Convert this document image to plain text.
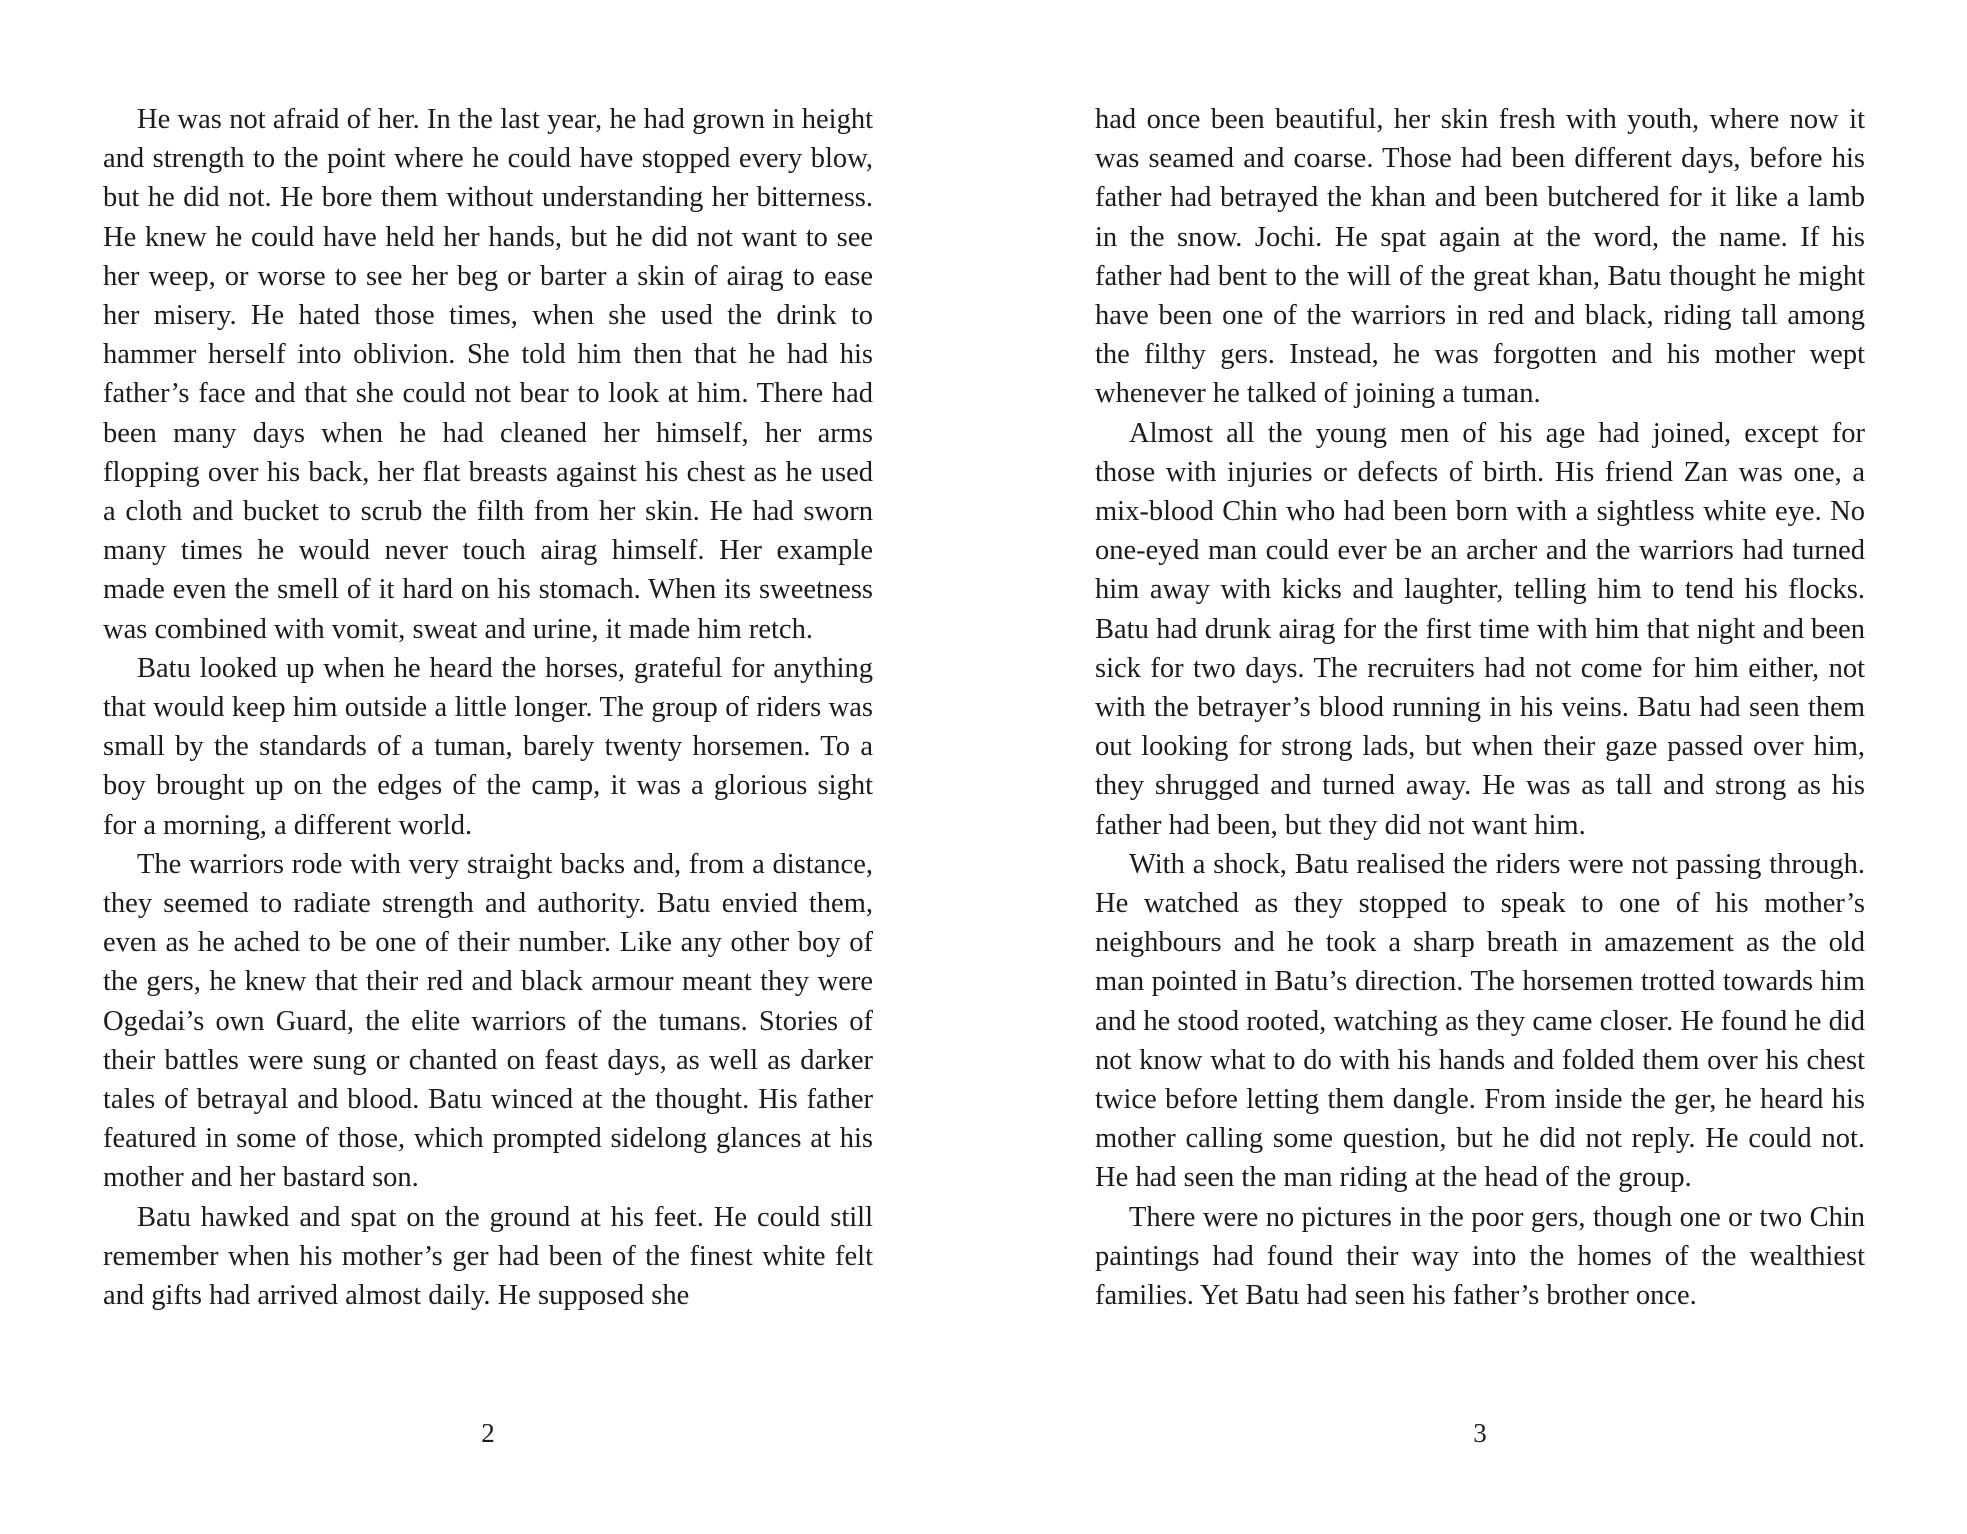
He was not afraid of her. In the last year, he had grown in height and strength to the point where he could have stopped every blow, but he did not. He bore them without understanding her bitterness. He knew he could have held her hands, but he did not want to see her weep, or worse to see her beg or barter a skin of airag to ease her misery. He hated those times, when she used the drink to hammer herself into oblivion. She told him then that he had his father’s face and that she could not bear to look at him. There had been many days when he had cleaned her himself, her arms flopping over his back, her flat breasts against his chest as he used a cloth and bucket to scrub the filth from her skin. He had sworn many times he would never touch airag himself. Her example made even the smell of it hard on his stomach. When its sweetness was combined with vomit, sweat and urine, it made him retch.

Batu looked up when he heard the horses, grateful for anything that would keep him outside a little longer. The group of riders was small by the standards of a tuman, barely twenty horsemen. To a boy brought up on the edges of the camp, it was a glorious sight for a morning, a different world.

The warriors rode with very straight backs and, from a distance, they seemed to radiate strength and authority. Batu envied them, even as he ached to be one of their number. Like any other boy of the gers, he knew that their red and black armour meant they were Ogedai’s own Guard, the elite warriors of the tumans. Stories of their battles were sung or chanted on feast days, as well as darker tales of betrayal and blood. Batu winced at the thought. His father featured in some of those, which prompted sidelong glances at his mother and her bastard son.

Batu hawked and spat on the ground at his feet. He could still remember when his mother’s ger had been of the finest white felt and gifts had arrived almost daily. He supposed she

2

had once been beautiful, her skin fresh with youth, where now it was seamed and coarse. Those had been different days, before his father had betrayed the khan and been butchered for it like a lamb in the snow. Jochi. He spat again at the word, the name. If his father had bent to the will of the great khan, Batu thought he might have been one of the warriors in red and black, riding tall among the filthy gers. Instead, he was forgotten and his mother wept whenever he talked of joining a tuman.

Almost all the young men of his age had joined, except for those with injuries or defects of birth. His friend Zan was one, a mix-blood Chin who had been born with a sightless white eye. No one-eyed man could ever be an archer and the warriors had turned him away with kicks and laughter, telling him to tend his flocks. Batu had drunk airag for the first time with him that night and been sick for two days. The recruiters had not come for him either, not with the betrayer’s blood running in his veins. Batu had seen them out looking for strong lads, but when their gaze passed over him, they shrugged and turned away. He was as tall and strong as his father had been, but they did not want him.

With a shock, Batu realised the riders were not passing through. He watched as they stopped to speak to one of his mother’s neighbours and he took a sharp breath in amazement as the old man pointed in Batu’s direction. The horsemen trotted towards him and he stood rooted, watching as they came closer. He found he did not know what to do with his hands and folded them over his chest twice before letting them dangle. From inside the ger, he heard his mother calling some question, but he did not reply. He could not. He had seen the man riding at the head of the group.

There were no pictures in the poor gers, though one or two Chin paintings had found their way into the homes of the wealthiest families. Yet Batu had seen his father’s brother once.

3
